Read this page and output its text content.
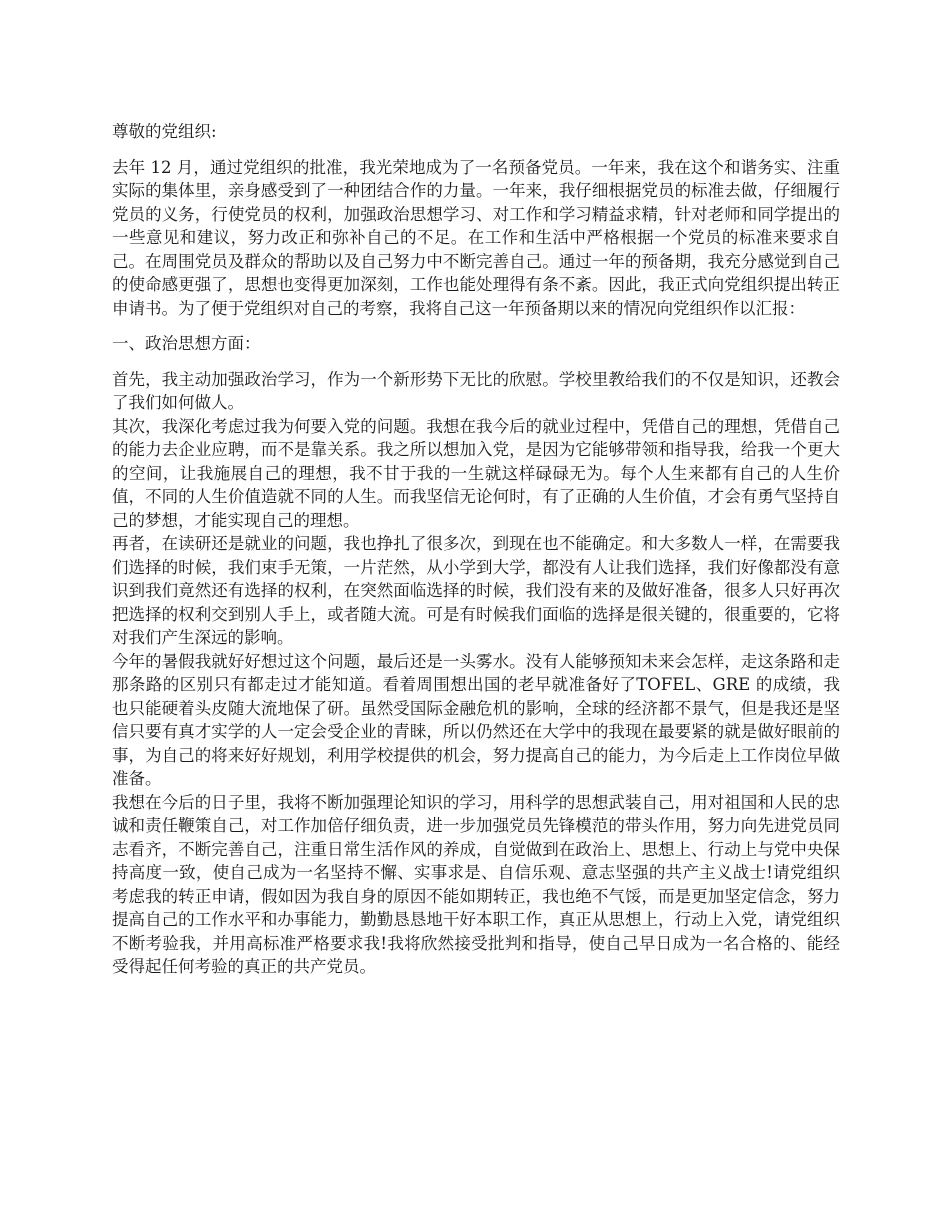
尊敬的党组织:

去年 12 月，通过党组织的批准，我光荣地成为了一名预备党员。一年来，我在这个和谐务实、注重实际的集体里，亲身感受到了一种团结合作的力量。一年来，我仔细根据党员的标准去做，仔细履行党员的义务，行使党员的权利，加强政治思想学习、对工作和学习精益求精，针对老师和同学提出的一些意见和建议，努力改正和弥补自己的不足。在工作和生活中严格根据一个党员的标准来要求自己。在周围党员及群众的帮助以及自己努力中不断完善自己。通过一年的预备期，我充分感觉到自己的使命感更强了，思想也变得更加深刻，工作也能处理得有条不紊。因此，我正式向党组织提出转正申请书。为了便于党组织对自己的考察，我将自己这一年预备期以来的情况向党组织作以汇报：

一、政治思想方面：

首先，我主动加强政治学习，作为一个新形势下无比的欣慰。学校里教给我们的不仅是知识，还教会了我们如何做人。

其次，我深化考虑过我为何要入党的问题。我想在我今后的就业过程中，凭借自己的理想，凭借自己的能力去企业应聘，而不是靠关系。我之所以想加入党，是因为它能够带领和指导我，给我一个更大的空间，让我施展自己的理想，我不甘于我的一生就这样碌碌无为。每个人生来都有自己的人生价值，不同的人生价值造就不同的人生。而我坚信无论何时，有了正确的人生价值，才会有勇气坚持自己的梦想，才能实现自己的理想。

再者，在读研还是就业的问题，我也挣扎了很多次，到现在也不能确定。和大多数人一样，在需要我们选择的时候，我们束手无策，一片茫然，从小学到大学，都没有人让我们选择，我们好像都没有意识到我们竟然还有选择的权利，在突然面临选择的时候，我们没有来的及做好准备，很多人只好再次把选择的权利交到别人手上，或者随大流。可是有时候我们面临的选择是很关键的，很重要的，它将对我们产生深远的影响。

今年的暑假我就好好想过这个问题，最后还是一头雾水。没有人能够预知未来会怎样，走这条路和走那条路的区别只有都走过才能知道。看着周围想出国的老早就准备好了TOFEL、GRE 的成绩，我也只能硬着头皮随大流地保了研。虽然受国际金融危机的影响，全球的经济都不景气，但是我还是坚信只要有真才实学的人一定会受企业的青睐，所以仍然还在大学中的我现在最要紧的就是做好眼前的事，为自己的将来好好规划，利用学校提供的机会，努力提高自己的能力，为今后走上工作岗位早做准备。

我想在今后的日子里，我将不断加强理论知识的学习，用科学的思想武装自己，用对祖国和人民的忠诚和责任鞭策自己，对工作加倍仔细负责，进一步加强党员先锋模范的带头作用，努力向先进党员同志看齐，不断完善自己，注重日常生活作风的养成，自觉做到在政治上、思想上、行动上与党中央保持高度一致，使自己成为一名坚持不懈、实事求是、自信乐观、意志坚强的共产主义战士!请党组织考虑我的转正申请，假如因为我自身的原因不能如期转正，我也绝不气馁，而是更加坚定信念，努力提高自己的工作水平和办事能力，勤勤恳恳地干好本职工作，真正从思想上，行动上入党，请党组织不断考验我，并用高标准严格要求我!我将欣然接受批判和指导，使自己早日成为一名合格的、能经受得起任何考验的真正的共产党员。
